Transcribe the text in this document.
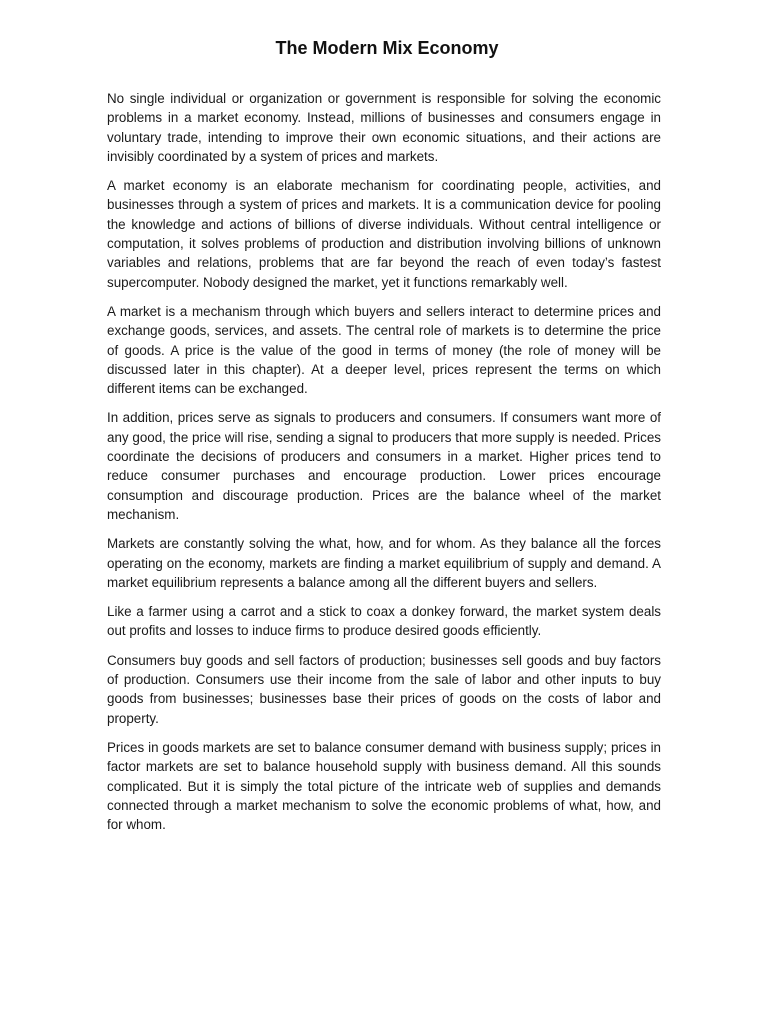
The Modern Mix Economy

No single individual or organization or government is responsible for solving the economic problems in a market economy. Instead, millions of businesses and consumers engage in voluntary trade, intending to improve their own economic situations, and their actions are invisibly coordinated by a system of prices and markets.

A market economy is an elaborate mechanism for coordinating people, activities, and businesses through a system of prices and markets. It is a communication device for pooling the knowledge and actions of billions of diverse individuals. Without central intelligence or computation, it solves problems of production and distribution involving billions of unknown variables and relations, problems that are far beyond the reach of even today’s fastest supercomputer. Nobody designed the market, yet it functions remarkably well.

A market is a mechanism through which buyers and sellers interact to determine prices and exchange goods, services, and assets. The central role of markets is to determine the price of goods. A price is the value of the good in terms of money (the role of money will be discussed later in this chapter). At a deeper level, prices represent the terms on which different items can be exchanged.

In addition, prices serve as signals to producers and consumers. If consumers want more of any good, the price will rise, sending a signal to producers that more supply is needed. Prices coordinate the decisions of producers and consumers in a market. Higher prices tend to reduce consumer purchases and encourage production. Lower prices encourage consumption and discourage production. Prices are the balance wheel of the market mechanism.

Markets are constantly solving the what, how, and for whom. As they balance all the forces operating on the economy, markets are finding a market equilibrium of supply and demand. A market equilibrium represents a balance among all the different buyers and sellers.

Like a farmer using a carrot and a stick to coax a donkey forward, the market system deals out profits and losses to induce firms to produce desired goods efficiently.

Consumers buy goods and sell factors of production; businesses sell goods and buy factors of production. Consumers use their income from the sale of labor and other inputs to buy goods from businesses; businesses base their prices of goods on the costs of labor and property.

Prices in goods markets are set to balance consumer demand with business supply; prices in factor markets are set to balance household supply with business demand. All this sounds complicated. But it is simply the total picture of the intricate web of supplies and demands connected through a market mechanism to solve the economic problems of what, how, and for whom.
